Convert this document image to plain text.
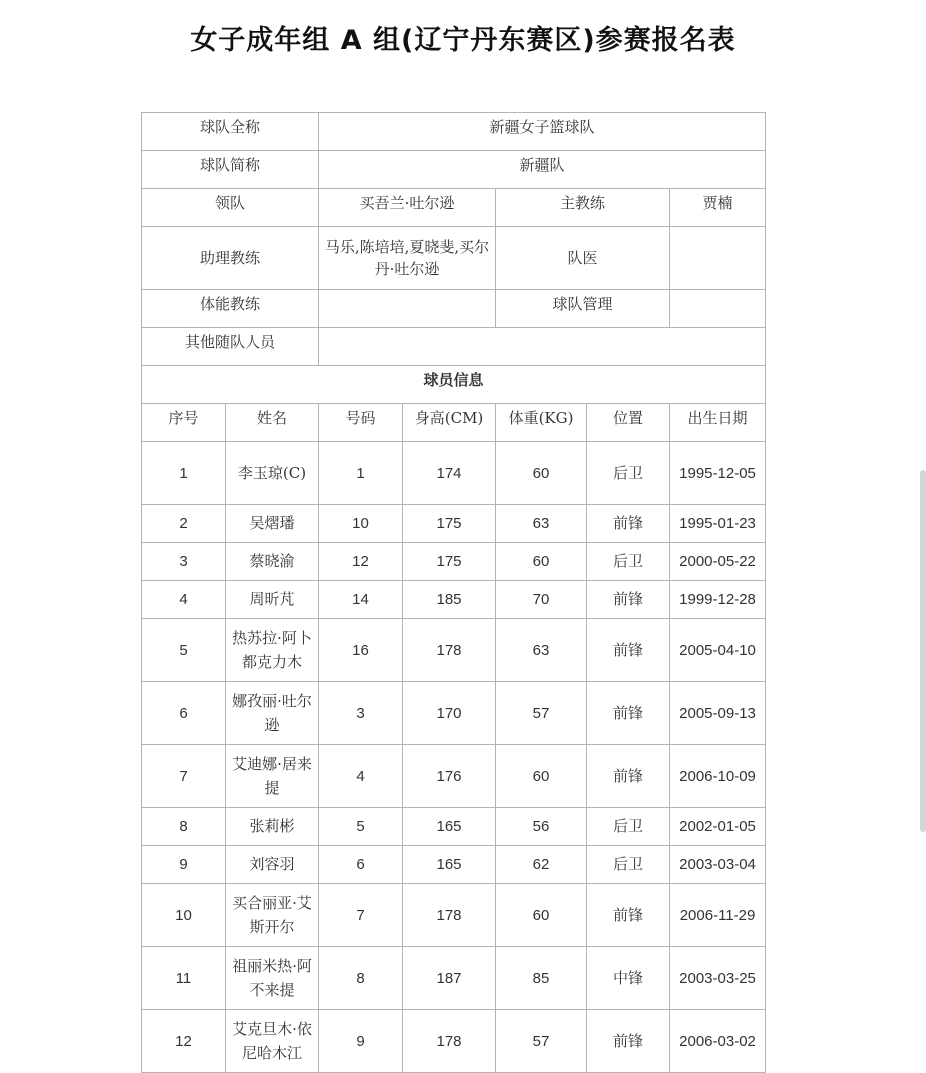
女子成年组 A 组(辽宁丹东赛区)参赛报名表
球队全称		新疆女子篮球队				
球队简称		新疆队				
领队		买吾兰·吐尔逊		主教练		贾楠
助理教练		马乐,陈培培,夏晓斐,买尔丹·吐尔逊		队医		
体能教练				球队管理		
其他随队人员						
球员信息						
序号	姓名	号码	身高(CM)	体重(KG)	位置	出生日期
1	李玉琼(C)	1	174	60	后卫	1995-12-05
2	吴熠璠	10	175	63	前锋	1995-01-23
3	蔡晓渝	12	175	60	后卫	2000-05-22
4	周昕芃	14	185	70	前锋	1999-12-28
5	热苏拉·阿卜都克力木	16	178	63	前锋	2005-04-10
6	娜孜丽·吐尔逊	3	170	57	前锋	2005-09-13
7	艾迪娜·居来提	4	176	60	前锋	2006-10-09
8	张莉彬	5	165	56	后卫	2002-01-05
9	刘容羽	6	165	62	后卫	2003-03-04
10	买合丽亚·艾斯开尔	7	178	60	前锋	2006-11-29
11	祖丽米热·阿不来提	8	187	85	中锋	2003-03-25
12	艾克旦木·依尼哈木江	9	178	57	前锋	2006-03-02
